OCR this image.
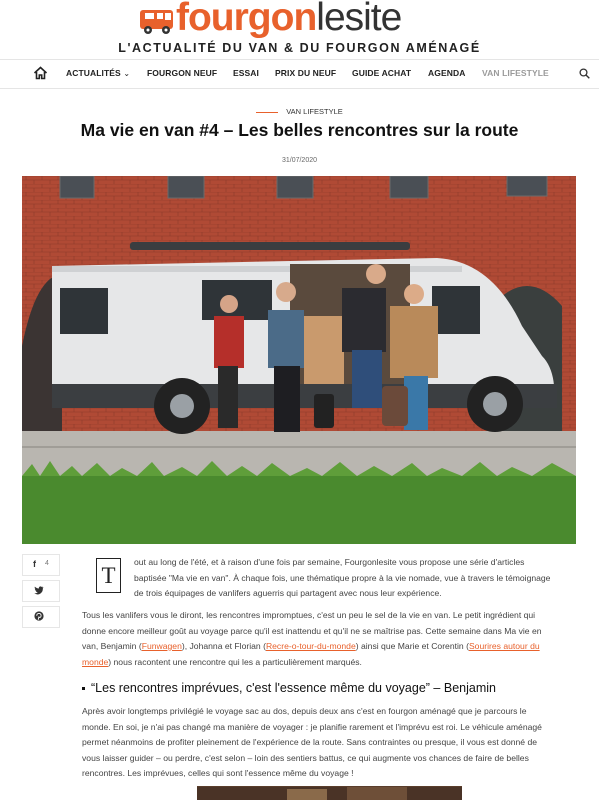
fourgonlesite
L'ACTUALITÉ DU VAN & DU FOURGON AMÉNAGÉ
ACTUALITÉS ⌄ FOURGON NEUF ESSAI PRIX DU NEUF GUIDE ACHAT AGENDA VAN LIFESTYLE
VAN LIFESTYLE
Ma vie en van #4 – Les belles rencontres sur la route
31/07/2020
f 4 T
out au long de l'été, et à raison d'une fois par semaine, Fourgonlesite vous propose une série d'articles
baptisée "Ma vie en van". À chaque fois, une thématique propre à la vie nomade, vue à travers le témoignage
de trois équipages de vanlifers aguerris qui partagent avec nous leur expérience.
Tous les vanlifers vous le diront, les rencontres impromptues, c'est un peu le sel de la vie en van. Le petit ingrédient qui
donne encore meilleur goût au voyage parce qu'il est inattendu et qu'il ne se maîtrise pas. Cette semaine dans Ma vie en
van, Benjamin (Funwagen), Johanna et Florian (Recre-o-tour-du-monde) ainsi que Marie et Corentin (Sourires autour du
monde) nous racontent une rencontre qui les a particulièrement marqués.
“Les rencontres imprévues, c'est l'essence même du voyage” – Benjamin
Après avoir longtemps privilégié le voyage sac au dos, depuis deux ans c'est en fourgon aménagé que je parcours le
monde. En soi, je n'ai pas changé ma manière de voyager : je planifie rarement et l'imprévu est roi. Le véhicule aménagé
permet néanmoins de profiter pleinement de l'expérience de la route. Sans contraintes ou presque, il vous est donné de
vous laisser guider – ou perdre, c'est selon – loin des sentiers battus, ce qui augmente vos chances de faire de belles
rencontres. Les imprévues, celles qui sont l'essence même du voyage !
